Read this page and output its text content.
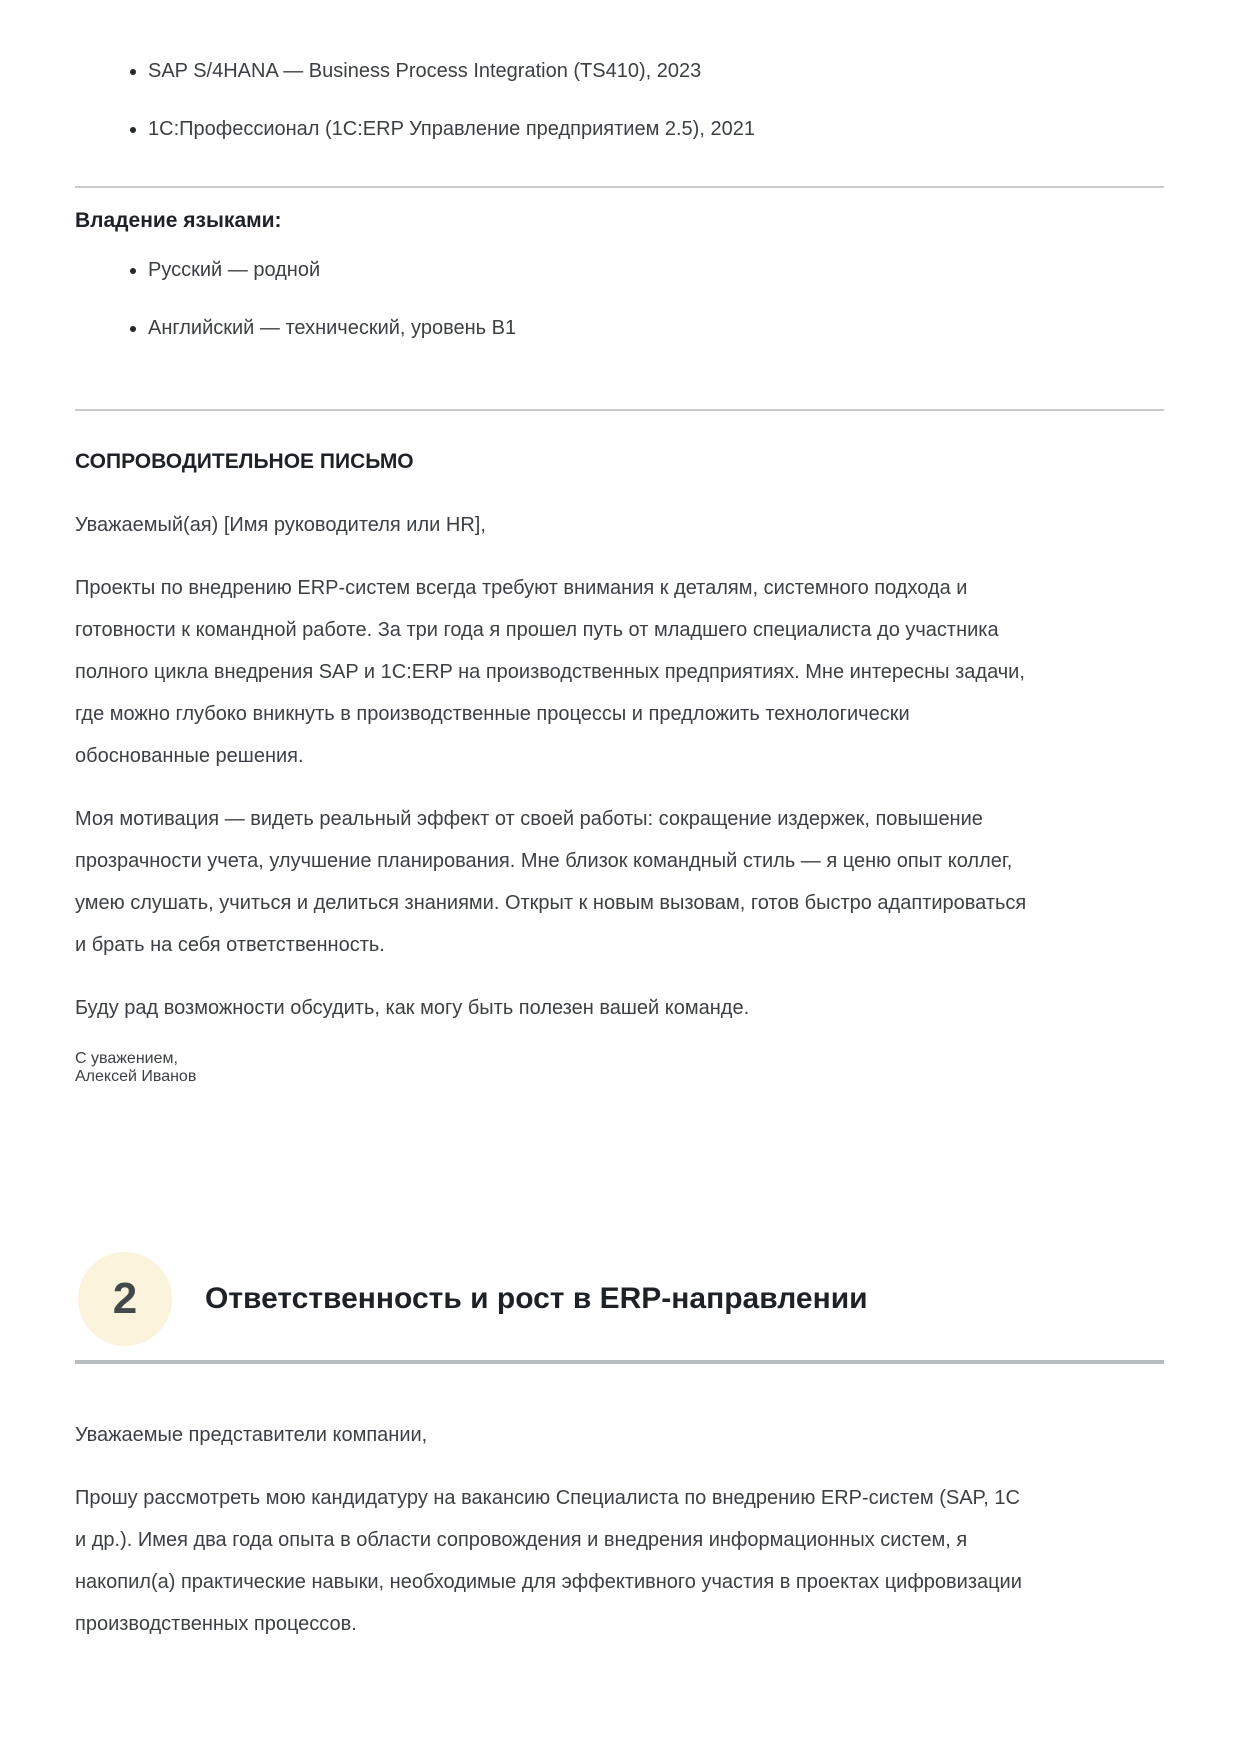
• SAP S/4HANA — Business Process Integration (TS410), 2023
• 1С:Профессионал (1С:ERP Управление предприятием 2.5), 2021

Владение языками:

• Русский — родной
• Английский — технический, уровень B1

СОПРОВОДИТЕЛЬНОЕ ПИСЬМО

Уважаемый(ая) [Имя руководителя или HR],

Проекты по внедрению ERP-систем всегда требуют внимания к деталям, системного подхода и готовности к командной работе. За три года я прошел путь от младшего специалиста до участника полного цикла внедрения SAP и 1С:ERP на производственных предприятиях. Мне интересны задачи, где можно глубоко вникнуть в производственные процессы и предложить технологически обоснованные решения.

Моя мотивация — видеть реальный эффект от своей работы: сокращение издержек, повышение прозрачности учета, улучшение планирования. Мне близок командный стиль — я ценю опыт коллег, умею слушать, учиться и делиться знаниями. Открыт к новым вызовам, готов быстро адаптироваться и брать на себя ответственность.

Буду рад возможности обсудить, как могу быть полезен вашей команде.

С уважением,
Алексей Иванов

2	Ответственность и рост в ERP-направлении

Уважаемые представители компании,

Прошу рассмотреть мою кандидатуру на вакансию Специалиста по внедрению ERP-систем (SAP, 1С и др.). Имея два года опыта в области сопровождения и внедрения информационных систем, я накопил(а) практические навыки, необходимые для эффективного участия в проектах цифровизации производственных процессов.
